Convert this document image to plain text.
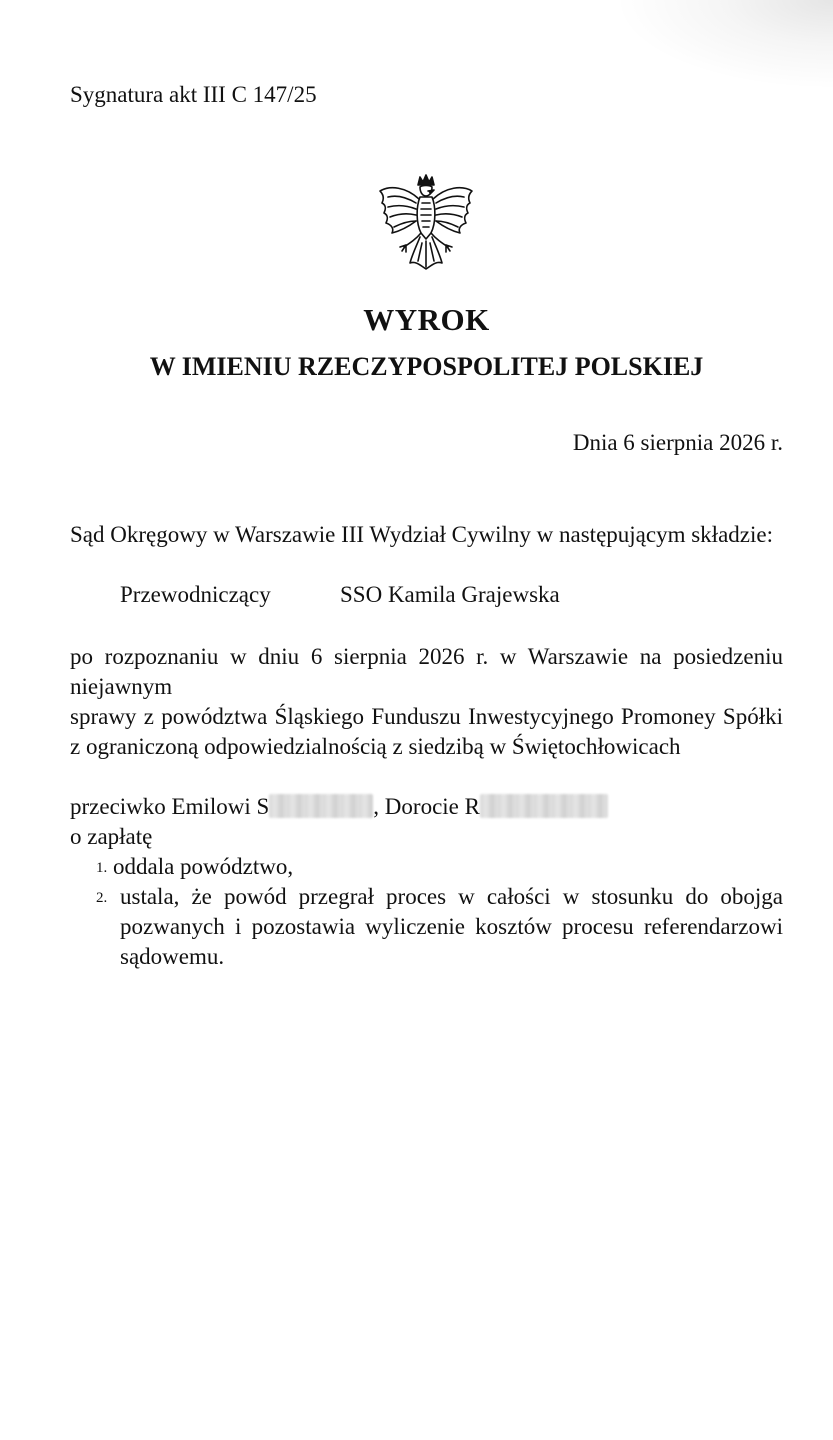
Sygnatura akt III C 147/25
WYROK
W IMIENIU RZECZYPOSPOLITEJ POLSKIEJ
Dnia 6 sierpnia 2026 r.
Sąd Okręgowy w Warszawie III Wydział Cywilny w następującym składzie:
Przewodniczący	SSO Kamila Grajewska
po rozpoznaniu w dniu 6 sierpnia 2026 r. w Warszawie na posiedzeniu niejawnym
sprawy z powództwa Śląskiego Funduszu Inwestycyjnego Promoney Spółki z ograniczoną odpowiedzialnością z siedzibą w Świętochłowicach
przeciwko Emilowi S	, Dorocie R
o zapłatę
1. oddala powództwo,
2. ustala, że powód przegrał proces w całości w stosunku do obojga pozwanych i pozostawia wyliczenie kosztów procesu referendarzowi sądowemu.
